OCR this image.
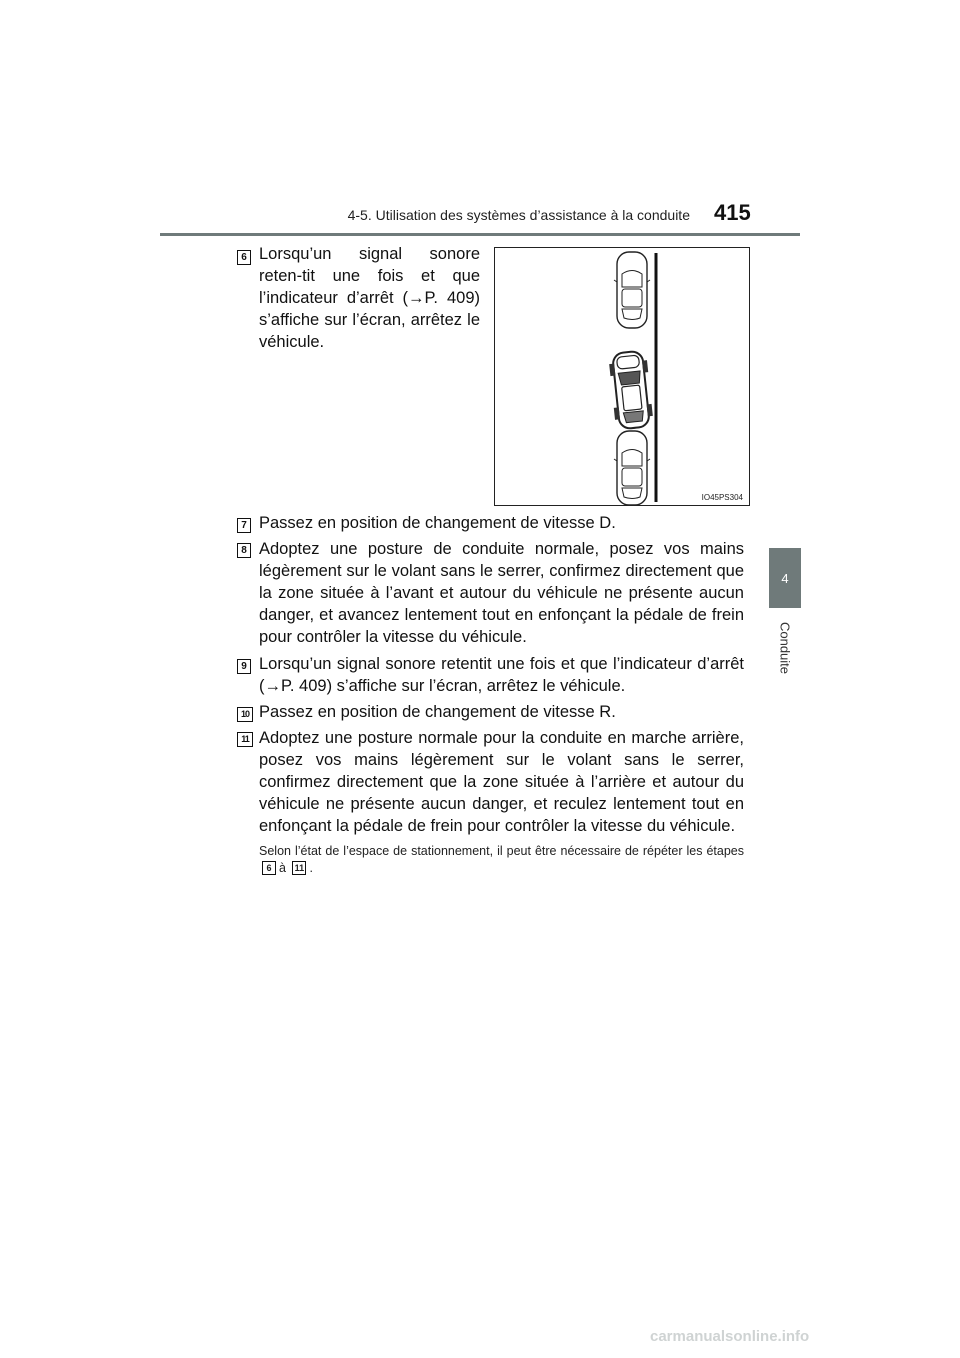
4-5. Utilisation des systèmes d’assistance à la conduite 415
4
Conduite
6 Lorsqu’un signal sonore reten-tit une fois et que l’indicateur d’arrêt (→P. 409) s’affiche sur l’écran, arrêtez le véhicule.
IO45PS304
7 Passez en position de changement de vitesse D.
8 Adoptez une posture de conduite normale, posez vos mains légèrement sur le volant sans le serrer, confirmez directement que la zone située à l’avant et autour du véhicule ne présente aucun danger, et avancez lentement tout en enfonçant la pédale de frein pour contrôler la vitesse du véhicule.
9 Lorsqu’un signal sonore retentit une fois et que l’indicateur d’arrêt (→P. 409) s’affiche sur l’écran, arrêtez le véhicule.
10 Passez en position de changement de vitesse R.
11 Adoptez une posture normale pour la conduite en marche arrière, posez vos mains légèrement sur le volant sans le serrer, confirmez directement que la zone située à l’arrière et autour du véhicule ne présente aucun danger, et reculez lentement tout en enfonçant la pédale de frein pour contrôler la vitesse du véhicule.
Selon l’état de l’espace de stationnement, il peut être nécessaire de répéter les étapes 6 à 11 .
carmanualsonline.info
